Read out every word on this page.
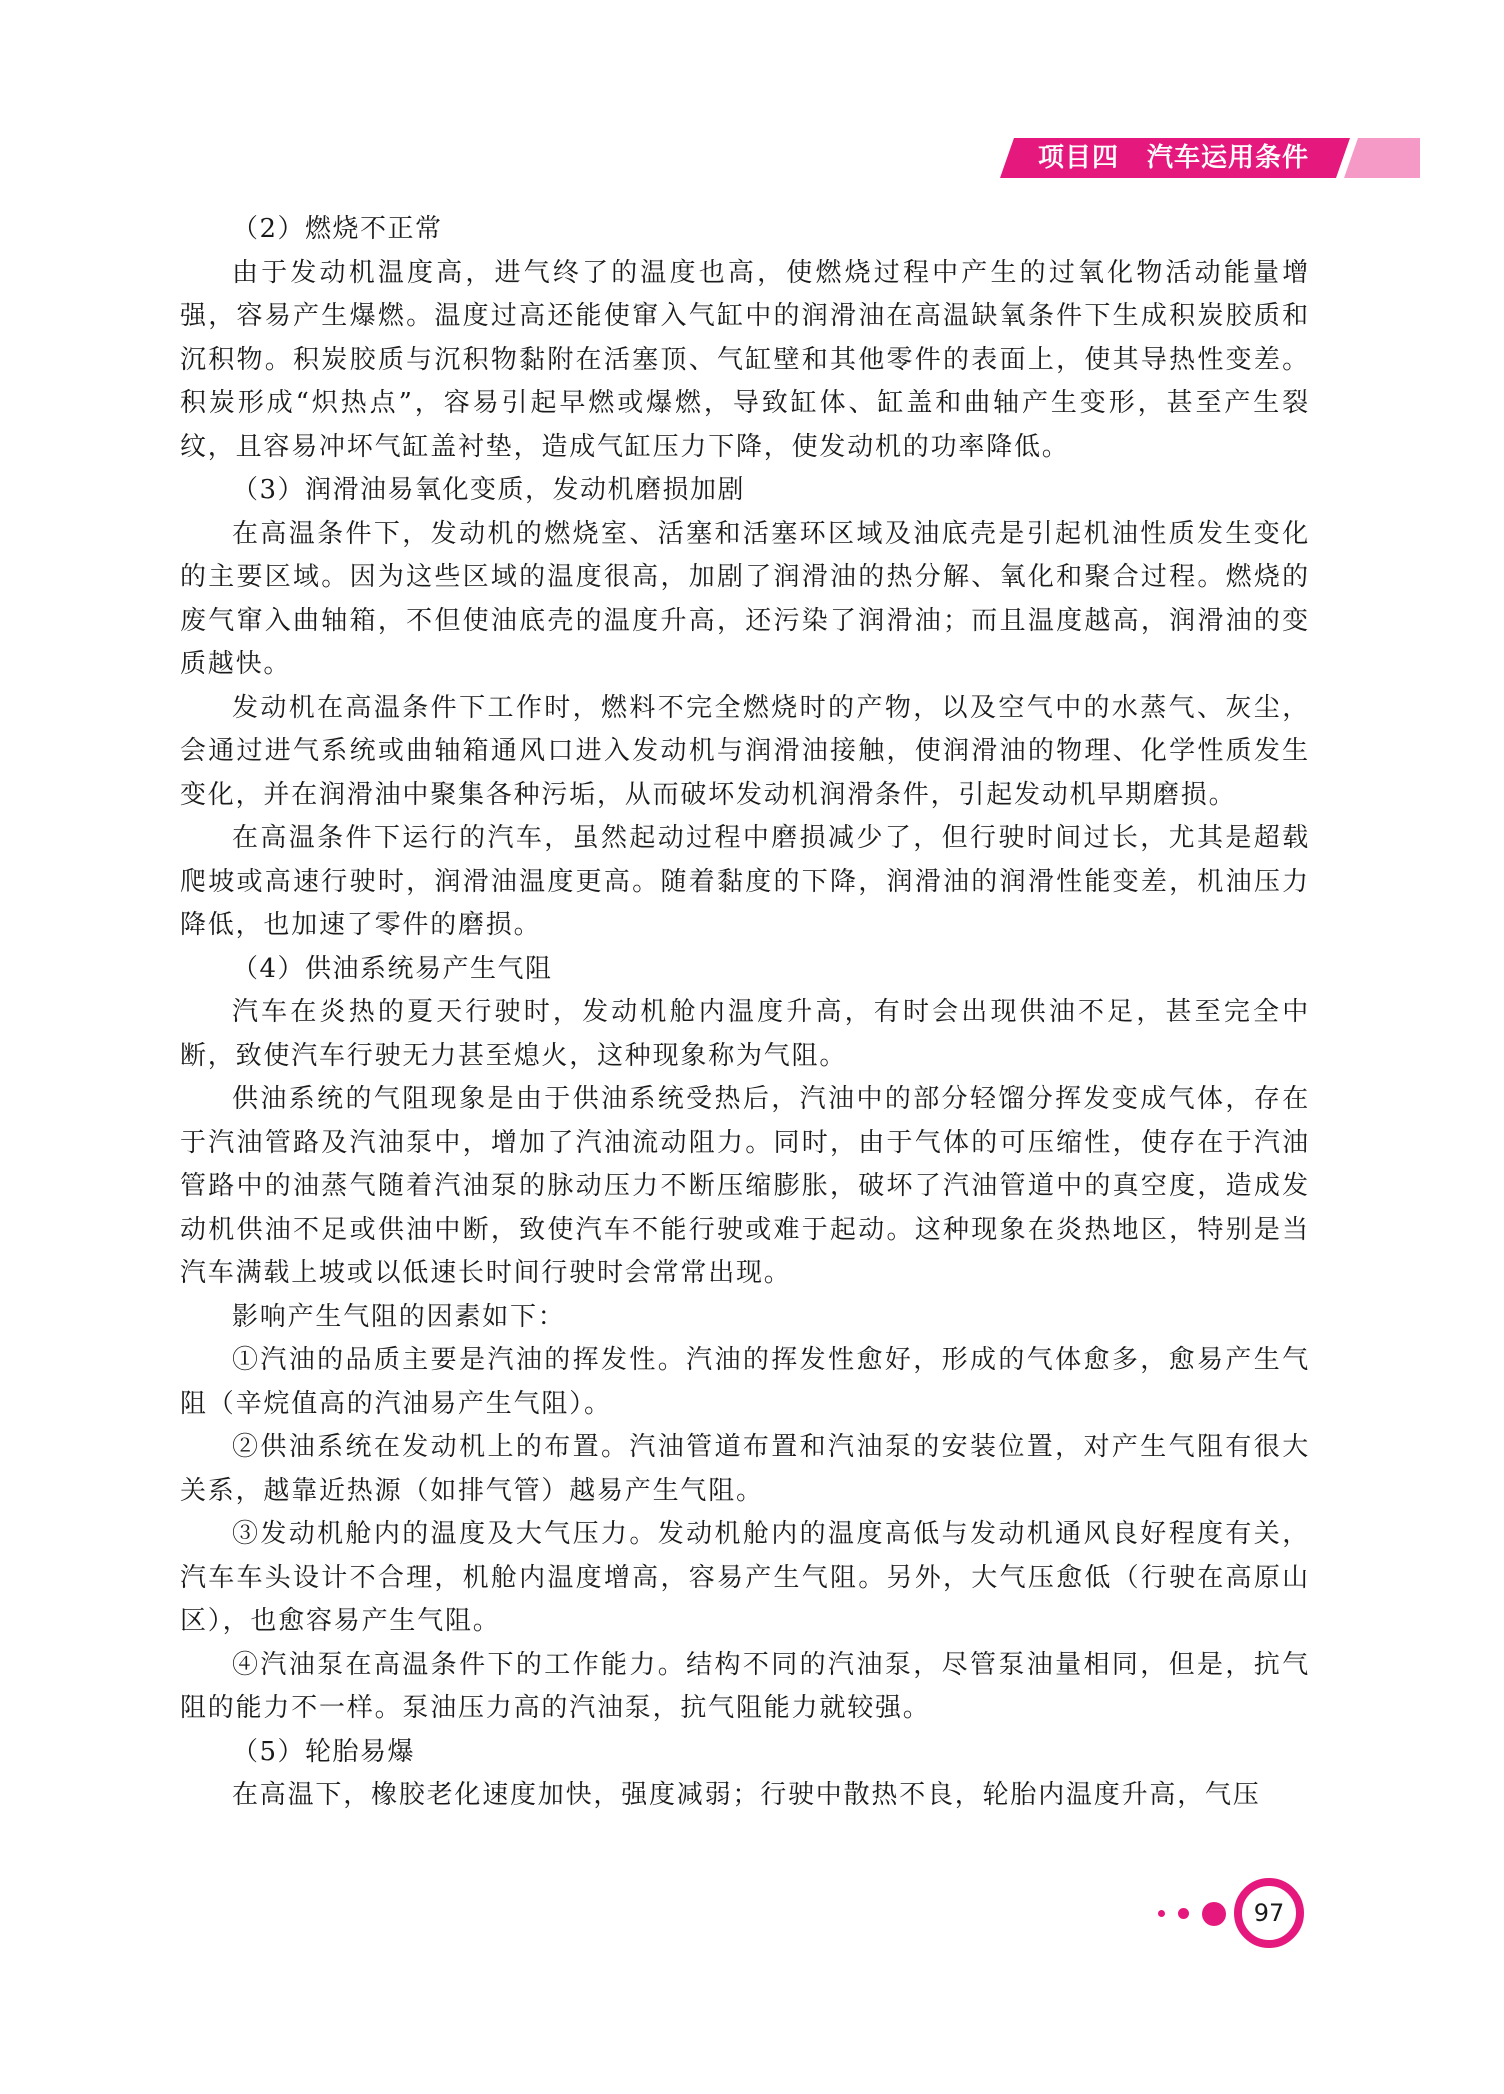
项目四 汽车运用条件

（2）燃烧不正常

由于发动机温度高，进气终了的温度也高，使燃烧过程中产生的过氧化物活动能量增强，容易产生爆燃。温度过高还能使窜入气缸中的润滑油在高温缺氧条件下生成积炭胶质和沉积物。积炭胶质与沉积物黏附在活塞顶、气缸壁和其他零件的表面上，使其导热性变差。积炭形成“炽热点”，容易引起早燃或爆燃，导致缸体、缸盖和曲轴产生变形，甚至产生裂纹，且容易冲坏气缸盖衬垫，造成气缸压力下降，使发动机的功率降低。

（3）润滑油易氧化变质，发动机磨损加剧

在高温条件下，发动机的燃烧室、活塞和活塞环区域及油底壳是引起机油性质发生变化的主要区域。因为这些区域的温度很高，加剧了润滑油的热分解、氧化和聚合过程。燃烧的废气窜入曲轴箱，不但使油底壳的温度升高，还污染了润滑油；而且温度越高，润滑油的变质越快。

发动机在高温条件下工作时，燃料不完全燃烧时的产物，以及空气中的水蒸气、灰尘，会通过进气系统或曲轴箱通风口进入发动机与润滑油接触，使润滑油的物理、化学性质发生变化，并在润滑油中聚集各种污垢，从而破坏发动机润滑条件，引起发动机早期磨损。

在高温条件下运行的汽车，虽然起动过程中磨损减少了，但行驶时间过长，尤其是超载爬坡或高速行驶时，润滑油温度更高。随着黏度的下降，润滑油的润滑性能变差，机油压力降低，也加速了零件的磨损。

（4）供油系统易产生气阻

汽车在炎热的夏天行驶时，发动机舱内温度升高，有时会出现供油不足，甚至完全中断，致使汽车行驶无力甚至熄火，这种现象称为气阻。

供油系统的气阻现象是由于供油系统受热后，汽油中的部分轻馏分挥发变成气体，存在于汽油管路及汽油泵中，增加了汽油流动阻力。同时，由于气体的可压缩性，使存在于汽油管路中的油蒸气随着汽油泵的脉动压力不断压缩膨胀，破坏了汽油管道中的真空度，造成发动机供油不足或供油中断，致使汽车不能行驶或难于起动。这种现象在炎热地区，特别是当汽车满载上坡或以低速长时间行驶时会常常出现。

影响产生气阻的因素如下：

①汽油的品质主要是汽油的挥发性。汽油的挥发性愈好，形成的气体愈多，愈易产生气阻（辛烷值高的汽油易产生气阻）。

②供油系统在发动机上的布置。汽油管道布置和汽油泵的安装位置，对产生气阻有很大关系，越靠近热源（如排气管）越易产生气阻。

③发动机舱内的温度及大气压力。发动机舱内的温度高低与发动机通风良好程度有关，汽车车头设计不合理，机舱内温度增高，容易产生气阻。另外，大气压愈低（行驶在高原山区），也愈容易产生气阻。

④汽油泵在高温条件下的工作能力。结构不同的汽油泵，尽管泵油量相同，但是，抗气阻的能力不一样。泵油压力高的汽油泵，抗气阻能力就较强。

（5）轮胎易爆

在高温下，橡胶老化速度加快，强度减弱；行驶中散热不良，轮胎内温度升高，气压

97
